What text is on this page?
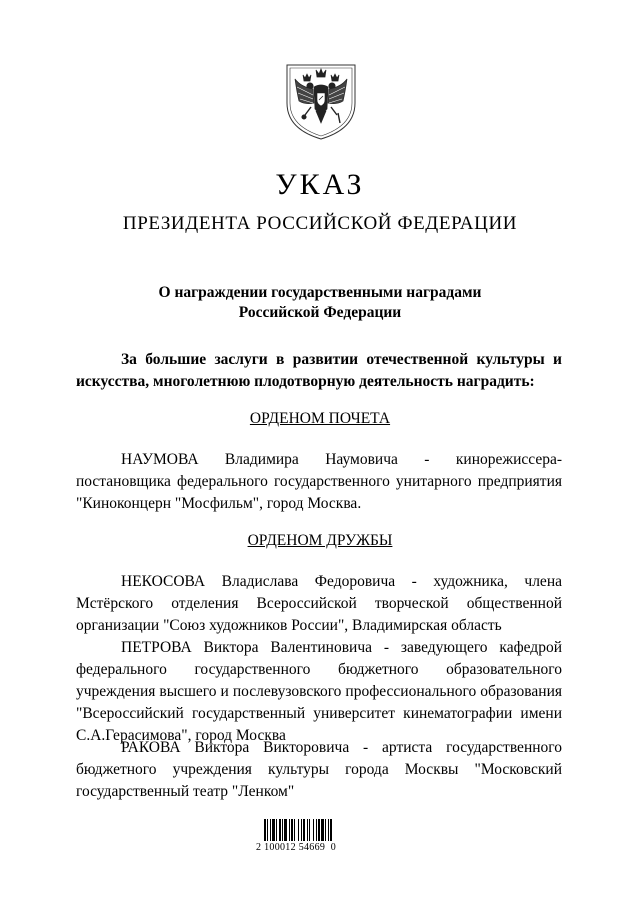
УКАЗ
ПРЕЗИДЕНТА РОССИЙСКОЙ ФЕДЕРАЦИИ
О награждении государственными наградами
Российской Федерации
За большие заслуги в развитии отечественной культуры и искусства, многолетнюю плодотворную деятельность наградить:
ОРДЕНОМ ПОЧЕТА
НАУМОВА Владимира Наумовича - кинорежиссера-постановщика федерального государственного унитарного предприятия "Киноконцерн "Мосфильм", город Москва.
ОРДЕНОМ ДРУЖБЫ
НЕКОСОВА Владислава Федоровича - художника, члена Мстёрского отделения Всероссийской творческой общественной организации "Союз художников России", Владимирская область
ПЕТРОВА Виктора Валентиновича - заведующего кафедрой федерального государственного бюджетного образовательного учреждения высшего и послевузовского профессионального образования "Всероссийский государственный университет кинематографии имени С.А.Герасимова", город Москва
РАКОВА Виктора Викторовича - артиста государственного бюджетного учреждения культуры города Москвы "Московский государственный театр "Ленком"
2 100012 54669  0
